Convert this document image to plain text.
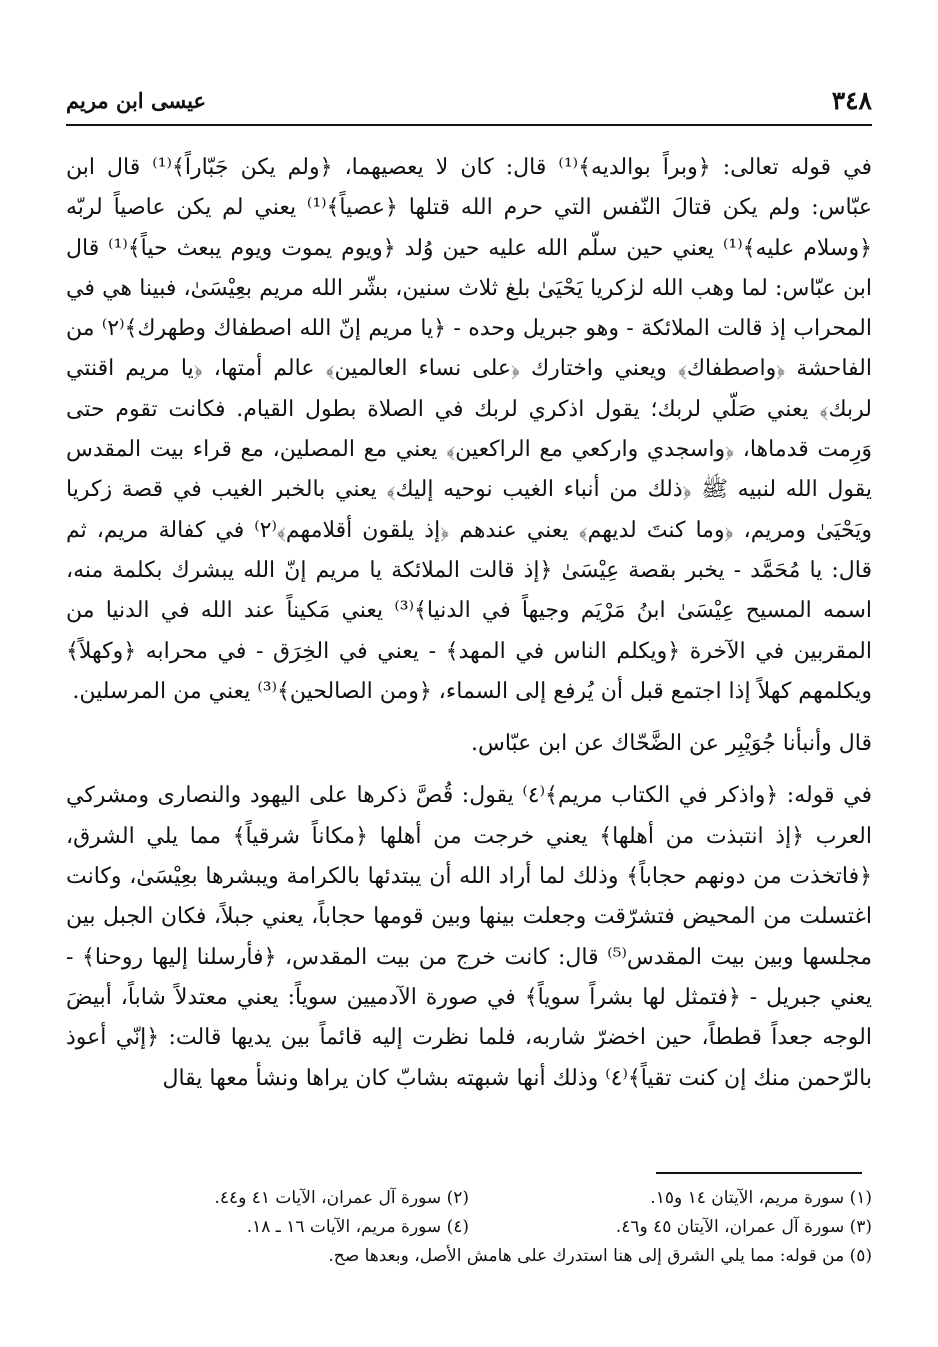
٣٤٨
عيسى ابن مريم

في قوله تعالى: ﴿وبراً بوالديه﴾⁽¹⁾ قال: كان لا يعصيهما، ﴿ولم يكن جَبّاراً﴾⁽¹⁾ قال ابن عبّاس: ولم يكن قتالَ النّفس التي حرم الله قتلها ﴿عصياً﴾⁽¹⁾ يعني لم يكن عاصياً لربّه ﴿وسلام عليه﴾⁽¹⁾ يعني حين سلّم الله عليه حين وُلد ﴿ويوم يموت ويوم يبعث حياً﴾⁽¹⁾ قال ابن عبّاس: لما وهب الله لزكريا يَحْيَىٰ بلغ ثلاث سنين، بشّر الله مريم بعِيْسَىٰ، فبينا هي في المحراب إذ قالت الملائكة - وهو جبريل وحده - ﴿يا مريم إنّ الله اصطفاك وطهرك﴾⁽٢⁾ من الفاحشة ﴿واصطفاك﴾ ويعني واختارك ﴿على نساء العالمين﴾ عالم أمتها، ﴿يا مريم اقنتي لربك﴾ يعني صَلّي لربك؛ يقول اذكري لربك في الصلاة بطول القيام. فكانت تقوم حتى وَرِمت قدماها، ﴿واسجدي واركعي مع الراكعين﴾ يعني مع المصلين، مع قراء بيت المقدس يقول الله لنبيه ﷺ ﴿ذلك من أنباء الغيب نوحيه إليك﴾ يعني بالخبر الغيب في قصة زكريا ويَحْيَىٰ ومريم، ﴿وما كنتَ لديهم﴾ يعني عندهم ﴿إذ يلقون أقلامهم﴾⁽٢⁾ في كفالة مريم، ثم قال: يا مُحَمَّد - يخبر بقصة عِيْسَىٰ ﴿إذ قالت الملائكة يا مريم إنّ الله يبشرك بكلمة منه، اسمه المسيح عِيْسَىٰ ابنُ مَرْيَم وجيهاً في الدنيا﴾⁽³⁾ يعني مَكيناً عند الله في الدنيا من المقربين في الآخرة ﴿ويكلم الناس في المهد﴾ - يعني في الخِرَق - في محرابه ﴿وكهلاً﴾ ويكلمهم كهلاً إذا اجتمع قبل أن يُرفع إلى السماء، ﴿ومن الصالحين﴾⁽³⁾ يعني من المرسلين.

قال وأنبأنا جُوَيْبِر عن الضَّحّاك عن ابن عبّاس.

في قوله: ﴿واذكر في الكتاب مريم﴾⁽٤⁾ يقول: قُصَّ ذكرها على اليهود والنصارى ومشركي العرب ﴿إذ انتبذت من أهلها﴾ يعني خرجت من أهلها ﴿مكاناً شرقياً﴾ مما يلي الشرق، ﴿فاتخذت من دونهم حجاباً﴾ وذلك لما أراد الله أن يبتدئها بالكرامة ويبشرها بعِيْسَىٰ، وكانت اغتسلت من المحيض فتشرّقت وجعلت بينها وبين قومها حجاباً، يعني جبلاً، فكان الجبل بين مجلسها وبين بيت المقدس⁽⁵⁾ قال: كانت خرج من بيت المقدس، ﴿فأرسلنا إليها روحنا﴾ - يعني جبريل - ﴿فتمثل لها بشراً سوياً﴾ في صورة الآدميين سوياً: يعني معتدلاً شاباً، أبيضَ الوجه جعداً قططاً، حين اخضرّ شاربه، فلما نظرت إليه قائماً بين يديها قالت: ﴿إنّي أعوذ بالرّحمن منك إن كنت تقياً﴾⁽٤⁾ وذلك أنها شبهته بشابّ كان يراها ونشأ معها يقال

(١) سورة مريم، الآيتان ١٤ و١٥.
(٢) سورة آل عمران، الآيات ٤١ و٤٤.
(٣) سورة آل عمران، الآيتان ٤٥ و٤٦.
(٤) سورة مريم، الآيات ١٦ ـ ١٨.
(٥) من قوله: مما يلي الشرق إلى هنا استدرك على هامش الأصل، وبعدها صح.
